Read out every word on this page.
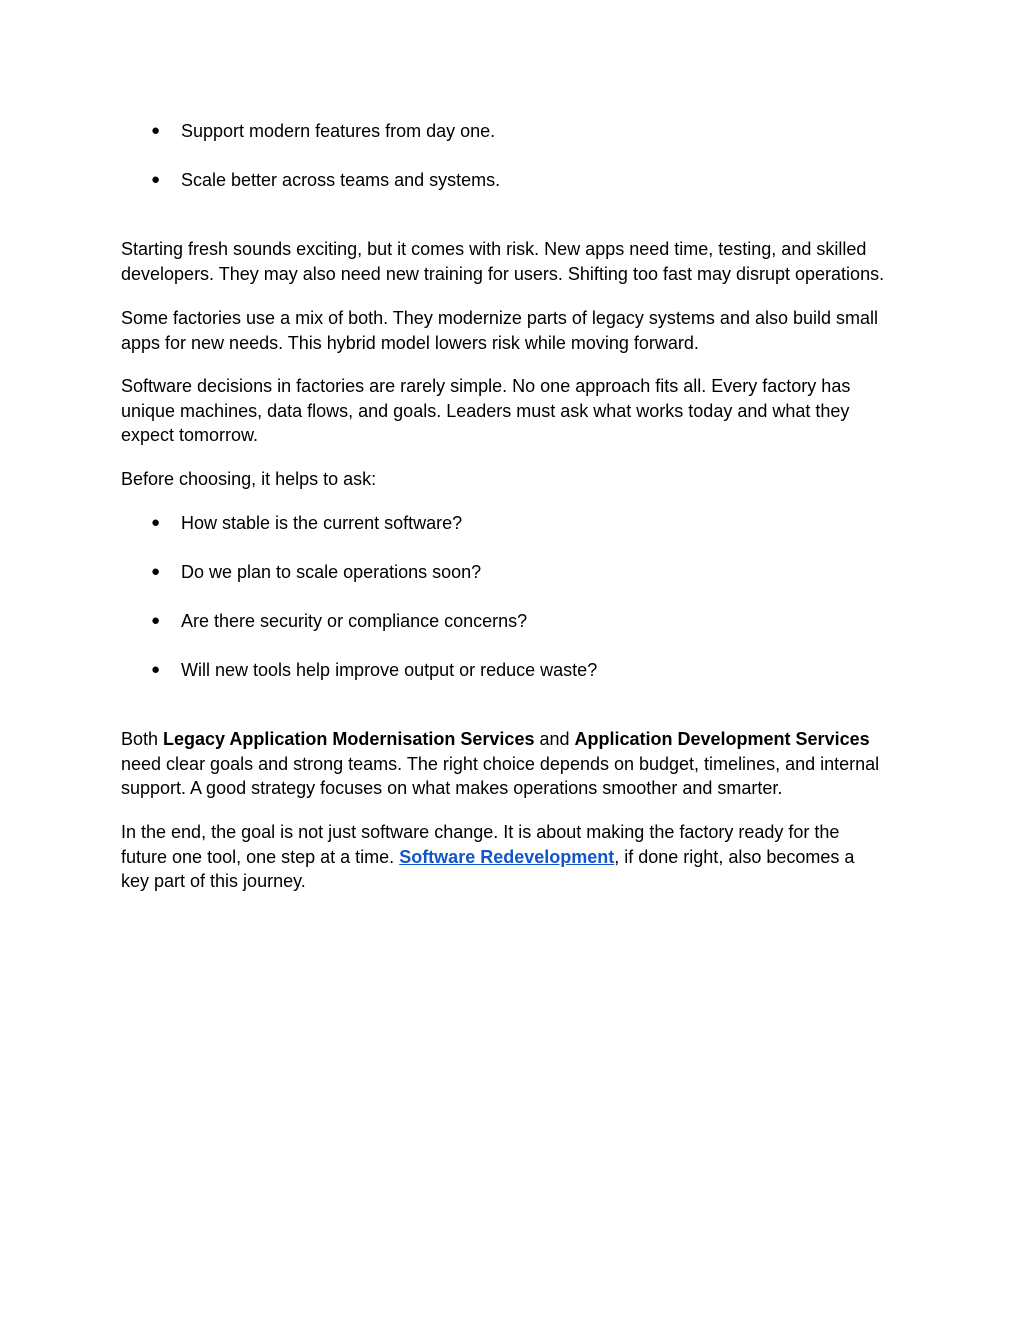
● Support modern features from day one.
● Scale better across teams and systems.

Starting fresh sounds exciting, but it comes with risk. New apps need time, testing, and skilled
developers. They may also need new training for users. Shifting too fast may disrupt operations.

Some factories use a mix of both. They modernize parts of legacy systems and also build small
apps for new needs. This hybrid model lowers risk while moving forward.

Software decisions in factories are rarely simple. No one approach fits all. Every factory has
unique machines, data flows, and goals. Leaders must ask what works today and what they
expect tomorrow.

Before choosing, it helps to ask:

● How stable is the current software?
● Do we plan to scale operations soon?
● Are there security or compliance concerns?
● Will new tools help improve output or reduce waste?

Both Legacy Application Modernisation Services and Application Development Services
need clear goals and strong teams. The right choice depends on budget, timelines, and internal
support. A good strategy focuses on what makes operations smoother and smarter.

In the end, the goal is not just software change. It is about making the factory ready for the
future one tool, one step at a time. Software Redevelopment, if done right, also becomes a
key part of this journey.
